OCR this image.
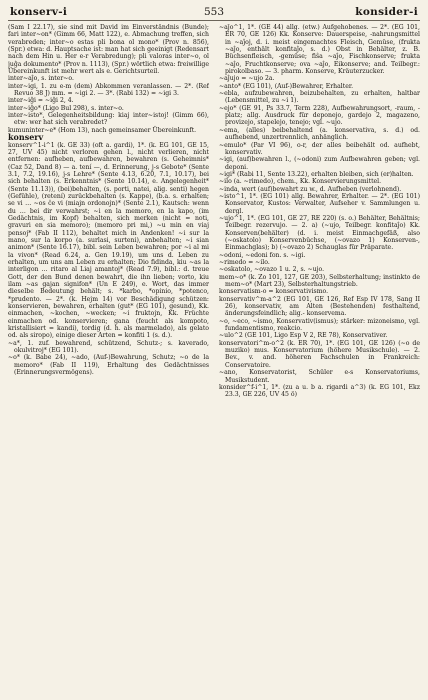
konserv-i	553	konsider-i

(Sam I 22.17), sie sind mit David im Einverständnis (Bunde); fari inter~on* (Gimm 66, Matt 122), e. Abmachung treffen, sich verabreden; inter~o estas pli bona ol mono* (Prov n. 856), (Spr.) etwa: d. Hauptsache ist: man hat sich geeinigt (Redensart nach dem Hin u. Her e-r Verabredung); pli valoras inter~o, ol juĝa dokumento* (Prov n. 1113), (Spr.) wörtlich etwa: freiwillige Übereinkunft ist mehr wert als e. Gerichtsurteil.

inter~aĵo, s. inter~o.

inter~igi, 1. zu e-m (dem) Abkommen veranlassen. — 2*. (Ref Revuo 38 J) mm. = ~igi 2. — 3*. (Rabi 132) = ~igi 3.

inter~iĝi = ~iĝi 2, 4.

inter~iĝo* (Ligo Bul 298), s. inter~o.

inter~isto*, Gelegenheitsbildung: kiaj inter~istoj! (Gimm 66), etw: wer hat sich verabredet?

kumuninter~e* (Hom 13), nach gemeinsamer Übereinkunft.

konserv

konserv^1-i^1 (k. GE 33) (oft a. gardi), 1*. (k. EG 101, GE 15, 27, UV 45) nicht verloren gehen l., nicht verlieren, nicht entfernen: aufheben, aufbewahren, bewahren (s. Geheimnis* (Caz 52, Dand 8) — a. tení —, d. Erinnerung, j-s Gebote* (Sente 3.1, 7.2, 19.16), j-s Lehre* (Sente 4.13, 6.20, 7.1, 10.17), bei sich behalten (s. Erkenntnis* (Sente 10.14), e. Angelegenheit* (Sente 11.13)), (bei)behalten, (s. porti, natei, alig. senti) hegen (Gefühle), (retení) zurückbehalten (s. Kappe), (b.a. s. erhalten; se vi … ~os ĉe vi (miajn ordonojn)* (Sente 2.1), Kautsch: wenn du … bei dir verwahrst; ~i en la memoro, en la kapo, (im Gedächtnis, im Kopf) behalten, sich merken (nicht = noti, gravuri en sia memoro); (memoro pri mi,) ~u min en viaj pensoj* (Fab II 112), behaltet mich in Andenken! ~i sur la mano, sur la korpo (a. surlasi, surteni), anbehalten; ~i sian animon* (Sente 16.17), bibl. sein Leben bewahren; por ~i al mi la vivon* (Read 6.24, a. Gen 19.19), um uns d. Leben zu erhalten, um uns am Leben zu erhalten; Dio fidinda, kiu ~as la interligon … ritaro al Liaj amantoj* (Read 7.9), bibl.: d. treue Gott, der den Bund denen bewahrt, die ihn lieben; vorto, kiu ilam ~as gajan signifon* (Un E 249), e. Wort, das immer dieselbe Bedeutung behält; s. *karbo, *opinio, *potenco, *prudento. — 2*. (k. Hejm 14) vor Beschädigung schützen: konservieren, bewahren, erhalten (gut* (EG 101), gesund), Kk. einmachen, ~kochen, ~wecken; ~i fruktojn, Kk. Früchte einmachen od. konservieren; gana (feucht als kompoto, kristallisiert = kandi), tordig (d. h. als marmelado), als gelato od. als siropo), einige dieser Arten = konfiti 1 (s. d.).

~a*, 1. zuf. bewahrend, schützend, Schutz-; s. kaverado, okulvitroj* (EG 101).

~o* (k. Babe 24), ~ado, (Auf-)Bewahrung, Schutz; ~o de la memoro* (Fab II 119), Erhaltung des Gedächtnisses (Erinnerungsvermögens).

~aĵo^1, 1*. (GE 44) allg. (etw.) Aufgehobenes. — 2*. (EG 101, ER 70, GE 126) Kk. Konserve: Dauerspeise, -nahrungsmittel in ~aĵoj, d. i. meist eingemachtes Fleisch, Gemüse, (frukta ~aĵo, enthält konfitaĵo, s. d.) Obst in Behälter, z. B. Büchsenfleisch, -gemüse; fiŝa ~aĵo, Fischkonserve; frukta ~aĵo, Fruchtkonserve; ova ~aĵo, Eikonserve; and. Teilbegr.: pirokolbaso. — 3. pharm. Konserve, Kräuterzucker.

~aĵujo = ~ujo 2a.

~anto* (EG 101), (Auf-)Bewahrer, Erhalter.

~ebla, aufzubewahren, beizubehalten, zu erhalten, haltbar (Lebensmittel, zu ~i 1).

~ejo* (GE 91, Ps 33.7, Term 228), Aufbewahrungsort, -raum, -platz; allg. Ausdruck für deponejo, gardejo 2, magazeno, provizejo, stapelejo, tenejo; vgl. ~ujo.

~ema, (alles) beibehaltend (a. konservativa, s. d.) od. aufhebend, unzertrennlich, anhänglich.

~emulo* (Par VI 96), o-r, der alles beibehält od. aufhebt, konservativ.

~igi, (auf)bewahren l., (~odoni) zum Aufbewahren geben; vgl. deponi.

~igi* (Rabi 11, Sente 13.22), erhalten bleiben, sich (er)halten.

~ilo (a. ~rimedo), chem., Kk. Konservierungsmittel.

~inda, wert (auf)bewahrt zu w., d. Aufheben (verlohnend).

~isto^1, 1*. (EG 101) allg. Bewahrer, Erhalter. — 2*. (EG 101) Konservator, Kustos: Verwalter, Aufseher v. Sammlungen u. dergl.

~ujo^1, 1*. (EG 101, GE 27, RE 220) (s. o.) Behälter, Behältnis; Teilbegr. rezervujo. — 2. a) (~ujo, Teilbegr. konfitaĵo) Kk. Konserven(behälter) (d. i. meist Einmachgefäß, also (~oskatolo) Konservenbüchse, (~ovazo 1) Konserven-, Einmachglas); b) (~ovazo 2) Schauglas für Präparate.

~odoni, ~edoni fon. s. ~igi.

~rimedo = ~ilo.

~oskatolo, ~ovazo 1 u. 2, s. ~ujo.

mem~o* (k. Zo 101, 127, GE 203), Selbsterhaltung; instinkto de mem~o* (Mart 23), Selbsterhaltungstrieb.

konservatism-o = konservativismo.

konservativ^m-a^2 (EG 101, GE 126, Ref Esp IV 178, Sang II 26), konservativ, am Alten (Bestehenden) festhaltend, änderungsfeindlich; alig.- konservema.

~o, ~eco, ~ismo, Konservativ(ismus); stärker: mizoneismo, vgl. fundamentismo, reakcio.

~ulo^2 (GE 101, Ligo Esp V 2, RE 78), Konservativer.

konservatori^m-o^2 (k. ER 70), 1*. (EG 101, GE 126) (~o de muziko) mus. Konservatorium (höhere Musikschule). — 2. Bev., v. and. höheren Fachschulen in Frankreich: Conservatoire.

~ano, Konservatorist, Schüler e-s Konservatoriums, Musikstudent.

konsider^f-i^1, 1*. (zu a u. b a. rigardi a^3) (k. EG 101, Ekz 23.3, GE 226, UV 45 ö)
